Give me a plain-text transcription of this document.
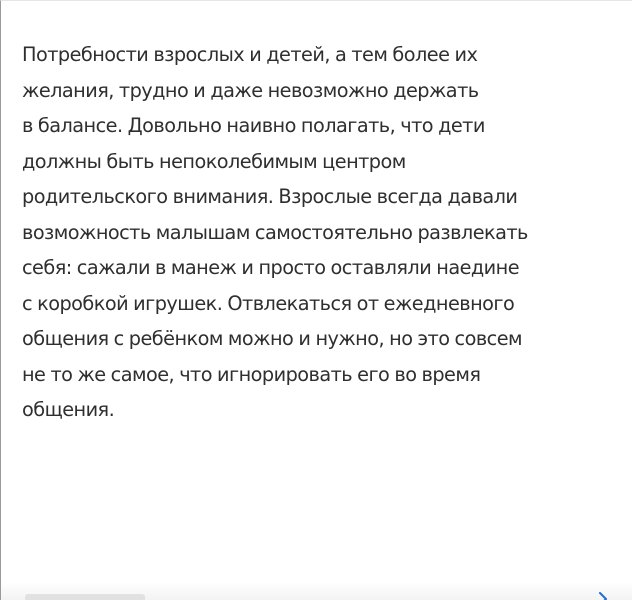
Потребности взрослых и детей, а тем более их
желания, трудно и даже невозможно держать
в балансе. Довольно наивно полагать, что дети
должны быть непоколебимым центром
родительского внимания. Взрослые всегда давали
возможность малышам самостоятельно развлекать
себя: сажали в манеж и просто оставляли наедине
с коробкой игрушек. Отвлекаться от ежедневного
общения с ребёнком можно и нужно, но это совсем
не то же самое, что игнорировать его во время
общения.
